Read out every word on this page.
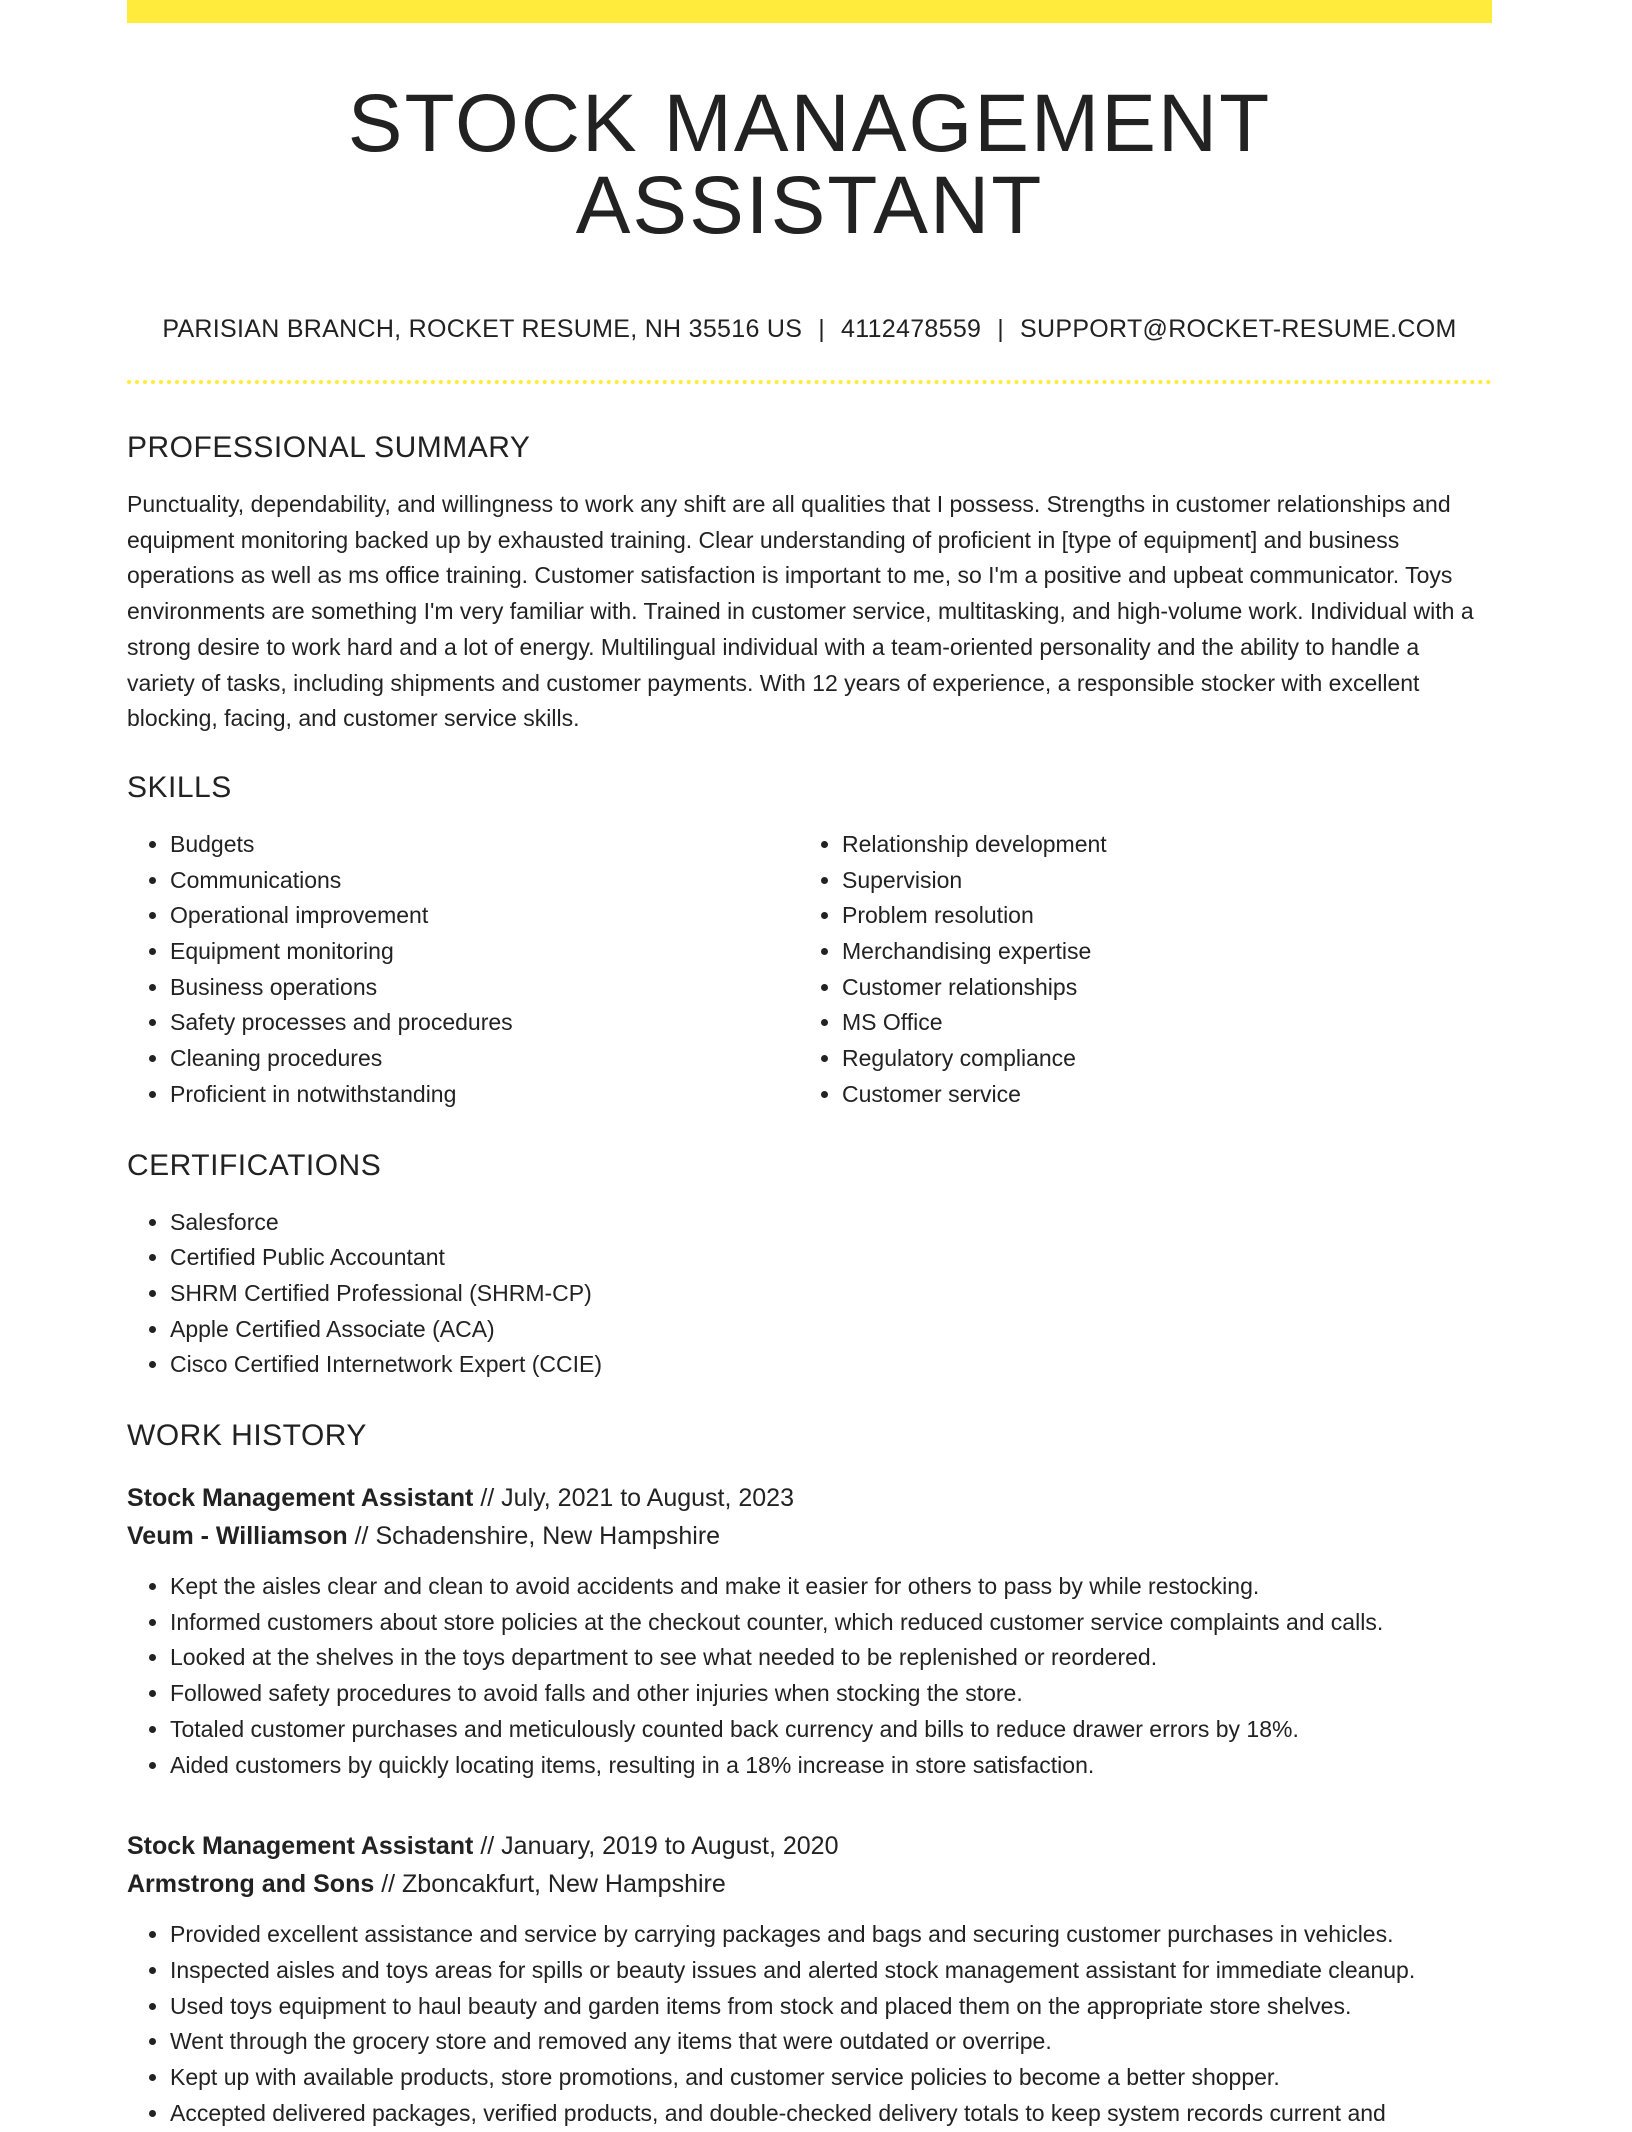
STOCK MANAGEMENT ASSISTANT
PARISIAN BRANCH, ROCKET RESUME, NH 35516 US | 4112478559 | SUPPORT@ROCKET-RESUME.COM
PROFESSIONAL SUMMARY

Punctuality, dependability, and willingness to work any shift are all qualities that I possess. Strengths in customer relationships and equipment monitoring backed up by exhausted training. Clear understanding of proficient in [type of equipment] and business operations as well as ms office training. Customer satisfaction is important to me, so I'm a positive and upbeat communicator. Toys environments are something I'm very familiar with. Trained in customer service, multitasking, and high-volume work. Individual with a strong desire to work hard and a lot of energy. Multilingual individual with a team-oriented personality and the ability to handle a variety of tasks, including shipments and customer payments. With 12 years of experience, a responsible stocker with excellent blocking, facing, and customer service skills.

SKILLS
• Budgets
• Communications
• Operational improvement
• Equipment monitoring
• Business operations
• Safety processes and procedures
• Cleaning procedures
• Proficient in notwithstanding
• Relationship development
• Supervision
• Problem resolution
• Merchandising expertise
• Customer relationships
• MS Office
• Regulatory compliance
• Customer service
CERTIFICATIONS
• Salesforce
• Certified Public Accountant
• SHRM Certified Professional (SHRM-CP)
• Apple Certified Associate (ACA)
• Cisco Certified Internetwork Expert (CCIE)
WORK HISTORY
Stock Management Assistant // July, 2021 to August, 2023
Veum - Williamson // Schadenshire, New Hampshire
• Kept the aisles clear and clean to avoid accidents and make it easier for others to pass by while restocking.
• Informed customers about store policies at the checkout counter, which reduced customer service complaints and calls.
• Looked at the shelves in the toys department to see what needed to be replenished or reordered.
• Followed safety procedures to avoid falls and other injuries when stocking the store.
• Totaled customer purchases and meticulously counted back currency and bills to reduce drawer errors by 18%.
• Aided customers by quickly locating items, resulting in a 18% increase in store satisfaction.
Stock Management Assistant // January, 2019 to August, 2020
Armstrong and Sons // Zboncakfurt, New Hampshire
• Provided excellent assistance and service by carrying packages and bags and securing customer purchases in vehicles.
• Inspected aisles and toys areas for spills or beauty issues and alerted stock management assistant for immediate cleanup.
• Used toys equipment to haul beauty and garden items from stock and placed them on the appropriate store shelves.
• Went through the grocery store and removed any items that were outdated or overripe.
• Kept up with available products, store promotions, and customer service policies to become a better shopper.
• Accepted delivered packages, verified products, and double-checked delivery totals to keep system records current and
